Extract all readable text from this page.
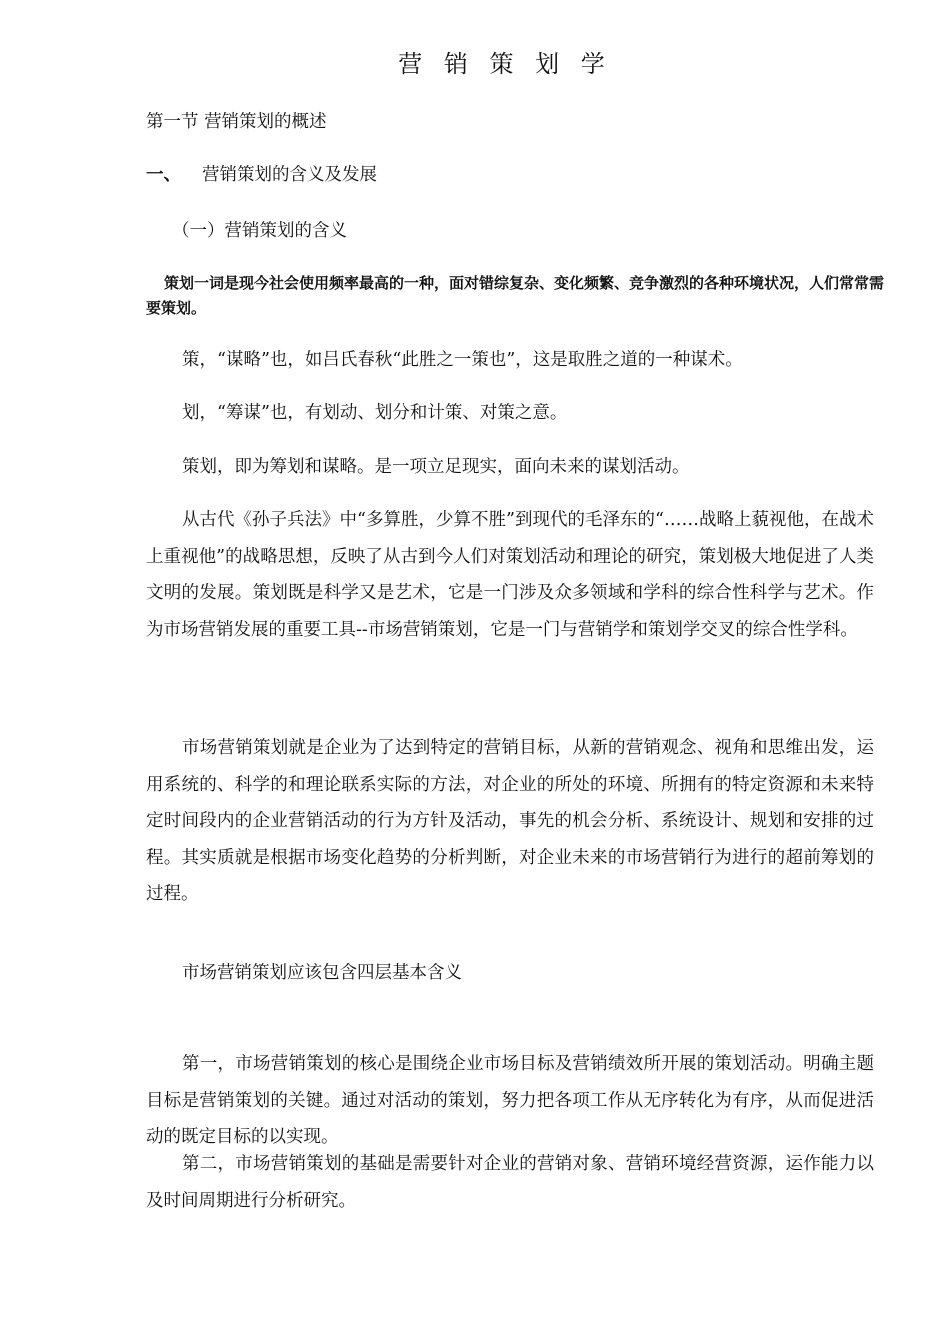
营 销 策 划 学
第一节 营销策划的概述
一、 营销策划的含义及发展
（一）营销策划的含义
策划一词是现今社会使用频率最高的一种，面对错综复杂、变化频繁、竞争激烈的各种环境状况，人们常常需要策划。
策，“谋略”也，如吕氏春秋“此胜之一策也”，这是取胜之道的一种谋术。
划，“筹谋”也，有划动、划分和计策、对策之意。
策划，即为筹划和谋略。是一项立足现实，面向未来的谋划活动。
从古代《孙子兵法》中“多算胜，少算不胜”到现代的毛泽东的“……战略上藐视他，在战术上重视他”的战略思想，反映了从古到今人们对策划活动和理论的研究，策划极大地促进了人类文明的发展。策划既是科学又是艺术，它是一门涉及众多领域和学科的综合性科学与艺术。作为市场营销发展的重要工具--市场营销策划，它是一门与营销学和策划学交叉的综合性学科。
市场营销策划就是企业为了达到特定的营销目标，从新的营销观念、视角和思维出发，运用系统的、科学的和理论联系实际的方法，对企业的所处的环境、所拥有的特定资源和未来特定时间段内的企业营销活动的行为方针及活动，事先的机会分析、系统设计、规划和安排的过程。其实质就是根据市场变化趋势的分析判断，对企业未来的市场营销行为进行的超前筹划的过程。
市场营销策划应该包含四层基本含义
第一，市场营销策划的核心是围绕企业市场目标及营销绩效所开展的策划活动。明确主题目标是营销策划的关键。通过对活动的策划，努力把各项工作从无序转化为有序，从而促进活动的既定目标的以实现。
第二，市场营销策划的基础是需要针对企业的营销对象、营销环境经营资源，运作能力以及时间周期进行分析研究。
